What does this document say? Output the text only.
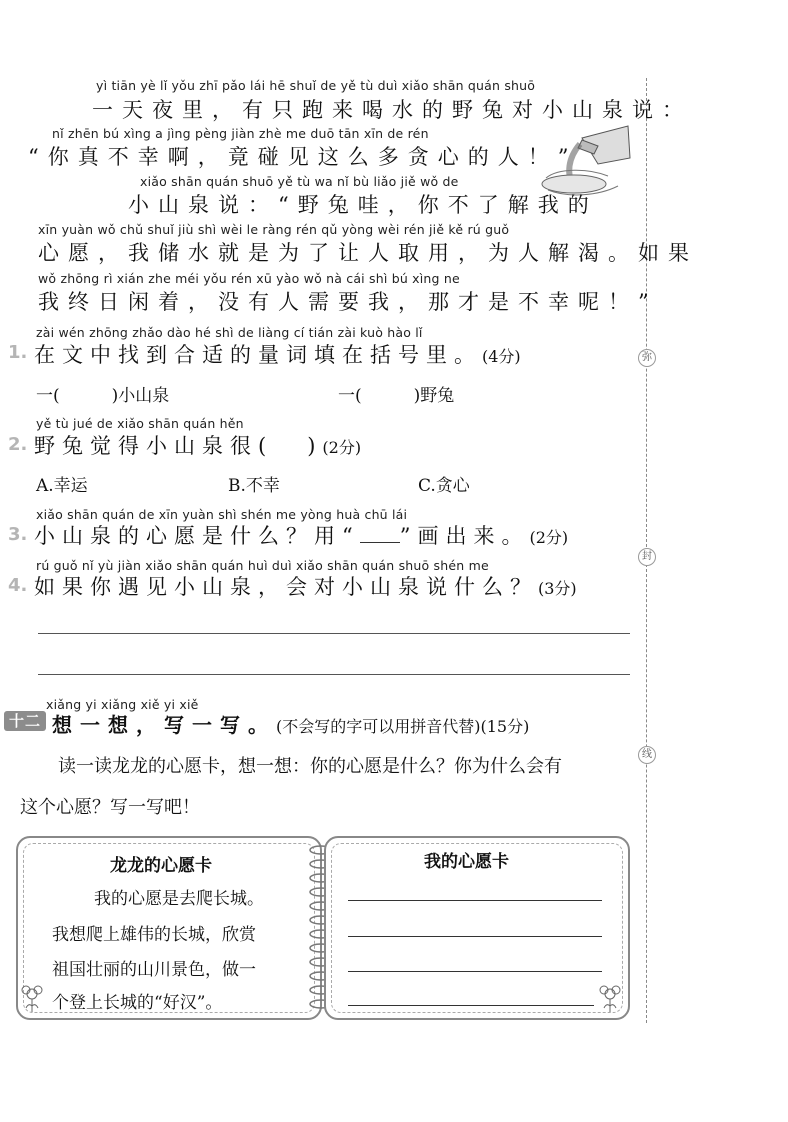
弥
封
线
yì tiān yè lǐ yǒu zhī pǎo lái hē shuǐ de yě tù duì xiǎo shān quán shuō
一天夜里，有只跑来喝水的野兔对小山泉说：
nǐ zhēn bú xìng a jìng pèng jiàn zhè me duō tān xīn de rén
“你真不幸啊，竟碰见这么多贪心的人！”
xiǎo shān quán shuō yě tù wa nǐ bù liǎo jiě wǒ de
小山泉说：“野兔哇，你不了解我的
xīn yuàn wǒ chǔ shuǐ jiù shì wèi le ràng rén qǔ yòng wèi rén jiě kě rú guǒ
心愿，我储水就是为了让人取用，为人解渴。如果
wǒ zhōng rì xián zhe méi yǒu rén xū yào wǒ nà cái shì bú xìng ne
我终日闲着，没有人需要我，那才是不幸呢！”
zài wén zhōng zhǎo dào hé shì de liàng cí tián zài kuò hào lǐ
1. 在文中找到合适的量词填在括号里。(4分)
一(	)小山泉	一(	)野兔
yě tù jué de xiǎo shān quán hěn
2. 野兔觉得小山泉很( )(2分)
A.幸运	B.不幸	C.贪心
xiǎo shān quán de xīn yuàn shì shén me yòng huà chū lái
3. 小山泉的心愿是什么？用“ ”画出来。(2分)
rú guǒ nǐ yù jiàn xiǎo shān quán huì duì xiǎo shān quán shuō shén me
4. 如果你遇见小山泉，会对小山泉说什么？(3分)
xiǎng yi xiǎng xiě yi xiě
十二 想一想，写一写。(不会写的字可以用拼音代替)(15分)
读一读龙龙的心愿卡，想一想：你的心愿是什么？你为什么会有
这个心愿？写一写吧！
龙龙的心愿卡
我的心愿是去爬长城。
我想爬上雄伟的长城，欣赏
祖国壮丽的山川景色，做一
个登上长城的“好汉”。
我的心愿卡
